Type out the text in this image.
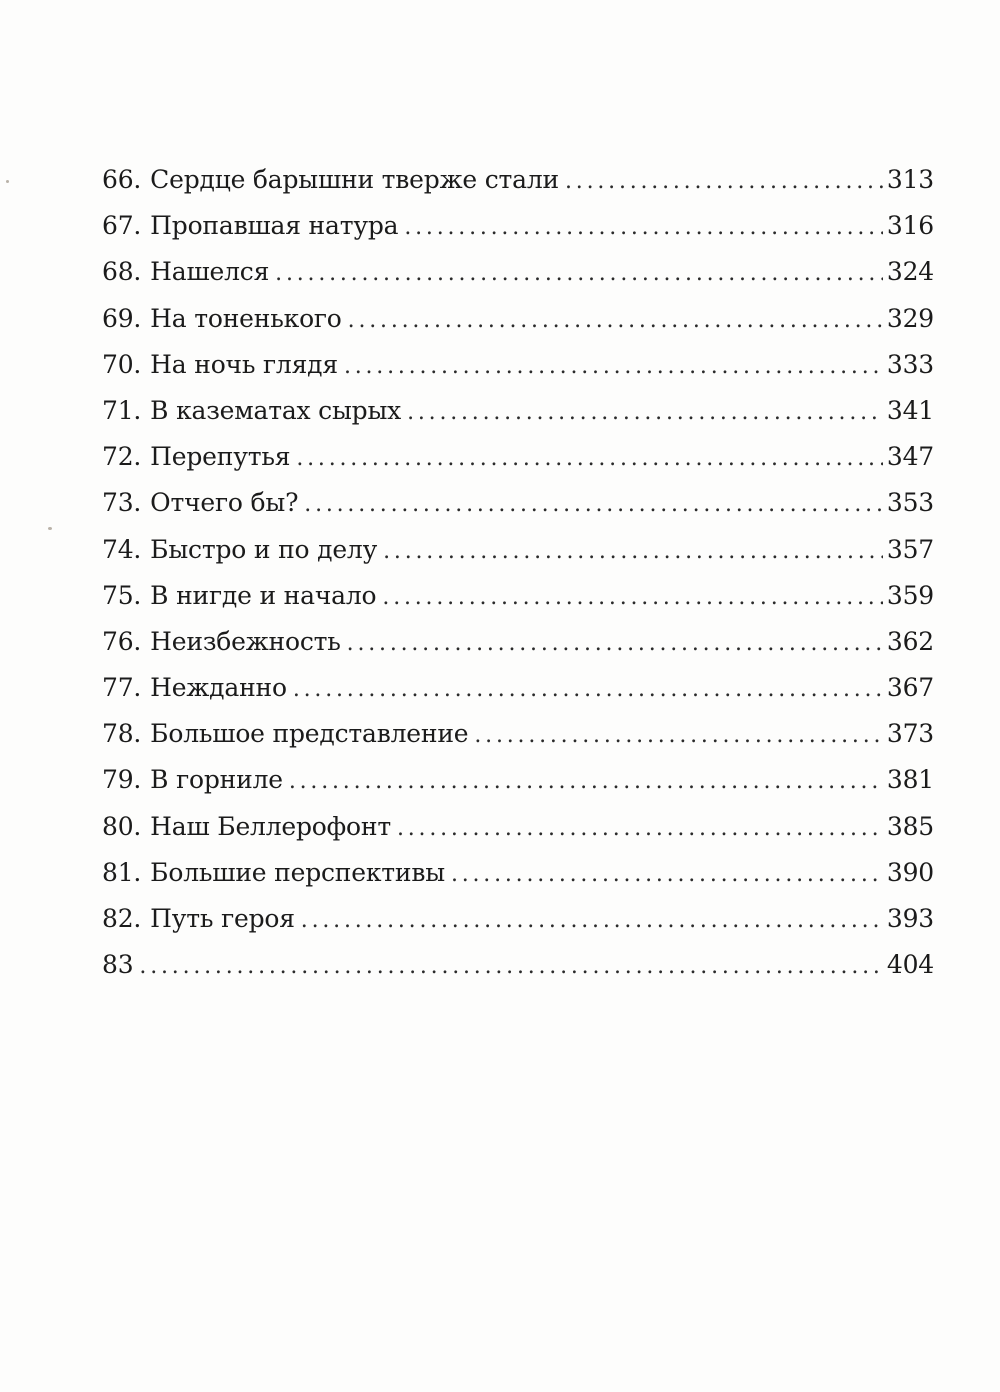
66. Сердце барышни тверже стали . . .	313
67. Пропавшая натура . . .	316
68. Нашелся . . .	324
69. На тоненького . . .	329
70. На ночь глядя . . .	333
71. В казематах сырых . . .	341
72. Перепутья . . .	347
73. Отчего бы? . . .	353
74. Быстро и по делу . . .	357
75. В нигде и начало . . .	359
76. Неизбежность . . .	362
77. Нежданно . . .	367
78. Большое представление . . .	373
79. В горниле . . .	381
80. Наш Беллерофонт . . .	385
81. Большие перспективы . . .	390
82. Путь героя . . .	393
83 . . .	404
